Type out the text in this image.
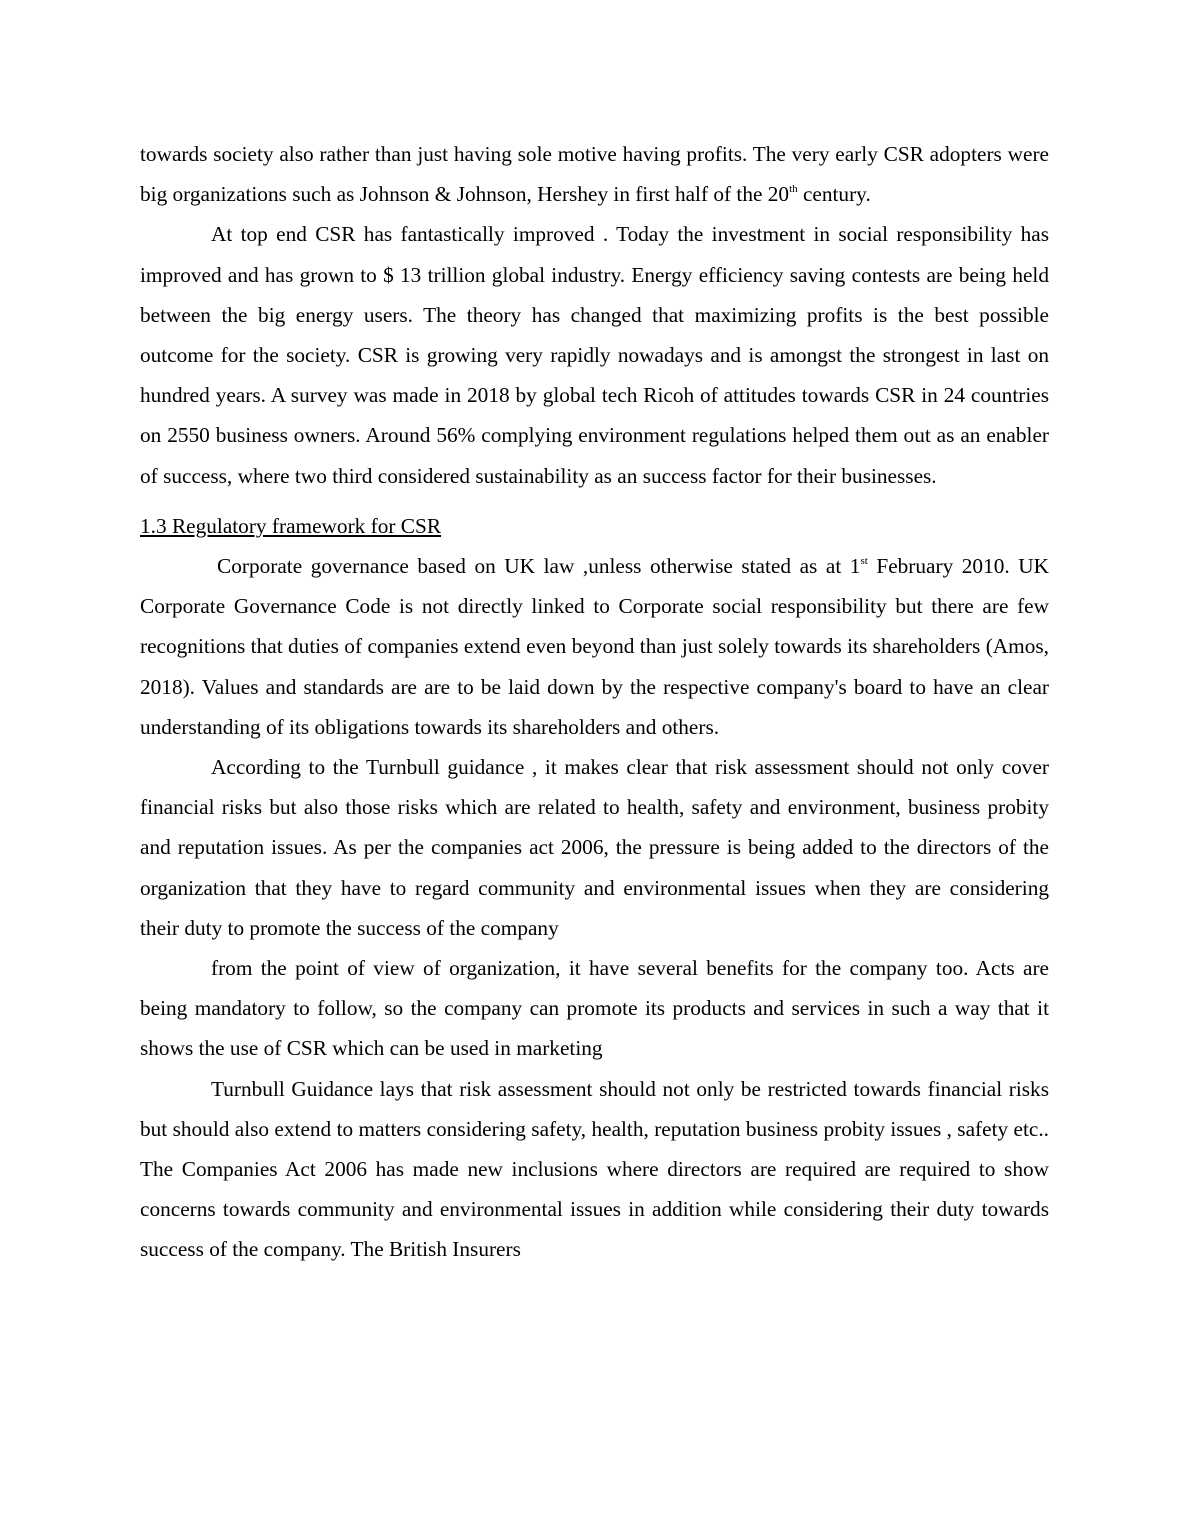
towards society also rather than just having sole motive having profits. The very early CSR adopters were big organizations such as Johnson & Johnson, Hershey in first half of the 20th century.

At top end CSR has fantastically improved . Today the investment in social responsibility has improved and has grown to $ 13 trillion global industry. Energy efficiency saving contests are being held between the big energy users. The theory has changed that maximizing profits is the best possible outcome for the society. CSR is growing very rapidly nowadays and is amongst the strongest in last on hundred years. A survey was made in 2018 by global tech Ricoh of attitudes towards CSR in 24 countries on 2550 business owners. Around 56% complying environment regulations helped them out as an enabler of success, where two third considered sustainability as an success factor for their businesses.

1.3 Regulatory framework for CSR

Corporate governance based on UK law ,unless otherwise stated as at 1st February 2010. UK Corporate Governance Code is not directly linked to Corporate social responsibility but there are few recognitions that duties of companies extend even beyond than just solely towards its shareholders (Amos, 2018). Values and standards are are to be laid down by the respective company's board to have an clear understanding of its obligations towards its shareholders and others.

According to the Turnbull guidance , it makes clear that risk assessment should not only cover financial risks but also those risks which are related to health, safety and environment, business probity and reputation issues. As per the companies act 2006, the pressure is being added to the directors of the organization that they have to regard community and environmental issues when they are considering their duty to promote the success of the company

from the point of view of organization, it have several benefits for the company too. Acts are being mandatory to follow, so the company can promote its products and services in such a way that it shows the use of CSR which can be used in marketing

Turnbull Guidance lays that risk assessment should not only be restricted towards financial risks but should also extend to matters considering safety, health, reputation business probity issues , safety etc.. The Companies Act 2006 has made new inclusions where directors are required are required to show concerns towards community and environmental issues in addition while considering their duty towards success of the company. The British Insurers
